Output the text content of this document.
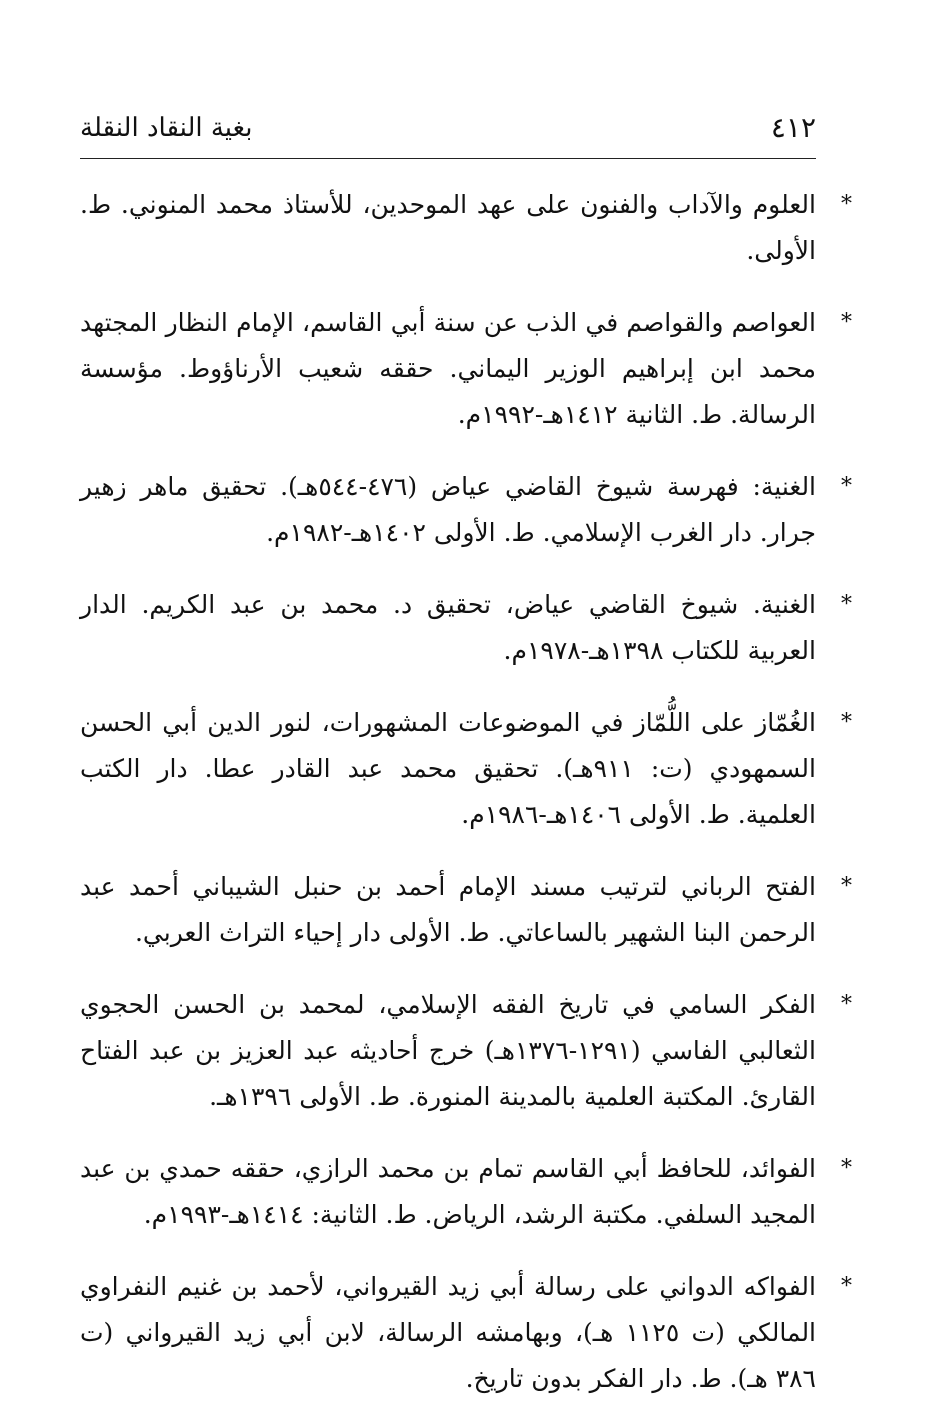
٤١٢
بغية النقاد النقلة
*
العلوم والآداب والفنون على عهد الموحدين، للأستاذ محمد المنوني. ط. الأولى.
*
العواصم والقواصم في الذب عن سنة أبي القاسم، الإمام النظار المجتهد محمد ابن إبراهيم الوزير اليماني. حققه شعيب الأرناؤوط. مؤسسة الرسالة. ط. الثانية ١٤١٢هـ-١٩٩٢م.
*
الغنية: فهرسة شيوخ القاضي عياض (٤٧٦-٥٤٤هـ). تحقيق ماهر زهير جرار. دار الغرب الإسلامي. ط. الأولى ١٤٠٢هـ-١٩٨٢م.
*
الغنية. شيوخ القاضي عياض، تحقيق د. محمد بن عبد الكريم. الدار العربية للكتاب ١٣٩٨هـ-١٩٧٨م.
*
الغُمّاز على اللُّمّاز في الموضوعات المشهورات، لنور الدين أبي الحسن السمهودي (ت: ٩١١هـ). تحقيق محمد عبد القادر عطا. دار الكتب العلمية. ط. الأولى ١٤٠٦هـ-١٩٨٦م.
*
الفتح الرباني لترتيب مسند الإمام أحمد بن حنبل الشيباني أحمد عبد الرحمن البنا الشهير بالساعاتي. ط. الأولى دار إحياء التراث العربي.
*
الفكر السامي في تاريخ الفقه الإسلامي، لمحمد بن الحسن الحجوي الثعالبي الفاسي (١٢٩١-١٣٧٦هـ) خرج أحاديثه عبد العزيز بن عبد الفتاح القارئ. المكتبة العلمية بالمدينة المنورة. ط. الأولى ١٣٩٦هـ.
*
الفوائد، للحافظ أبي القاسم تمام بن محمد الرازي، حققه حمدي بن عبد المجيد السلفي. مكتبة الرشد، الرياض. ط. الثانية: ١٤١٤هـ-١٩٩٣م.
*
الفواكه الدواني على رسالة أبي زيد القيرواني، لأحمد بن غنيم النفراوي المالكي (ت ١١٢٥ هـ)، وبهامشه الرسالة، لابن أبي زيد القيرواني (ت ٣٨٦ هـ). ط. دار الفكر بدون تاريخ.
